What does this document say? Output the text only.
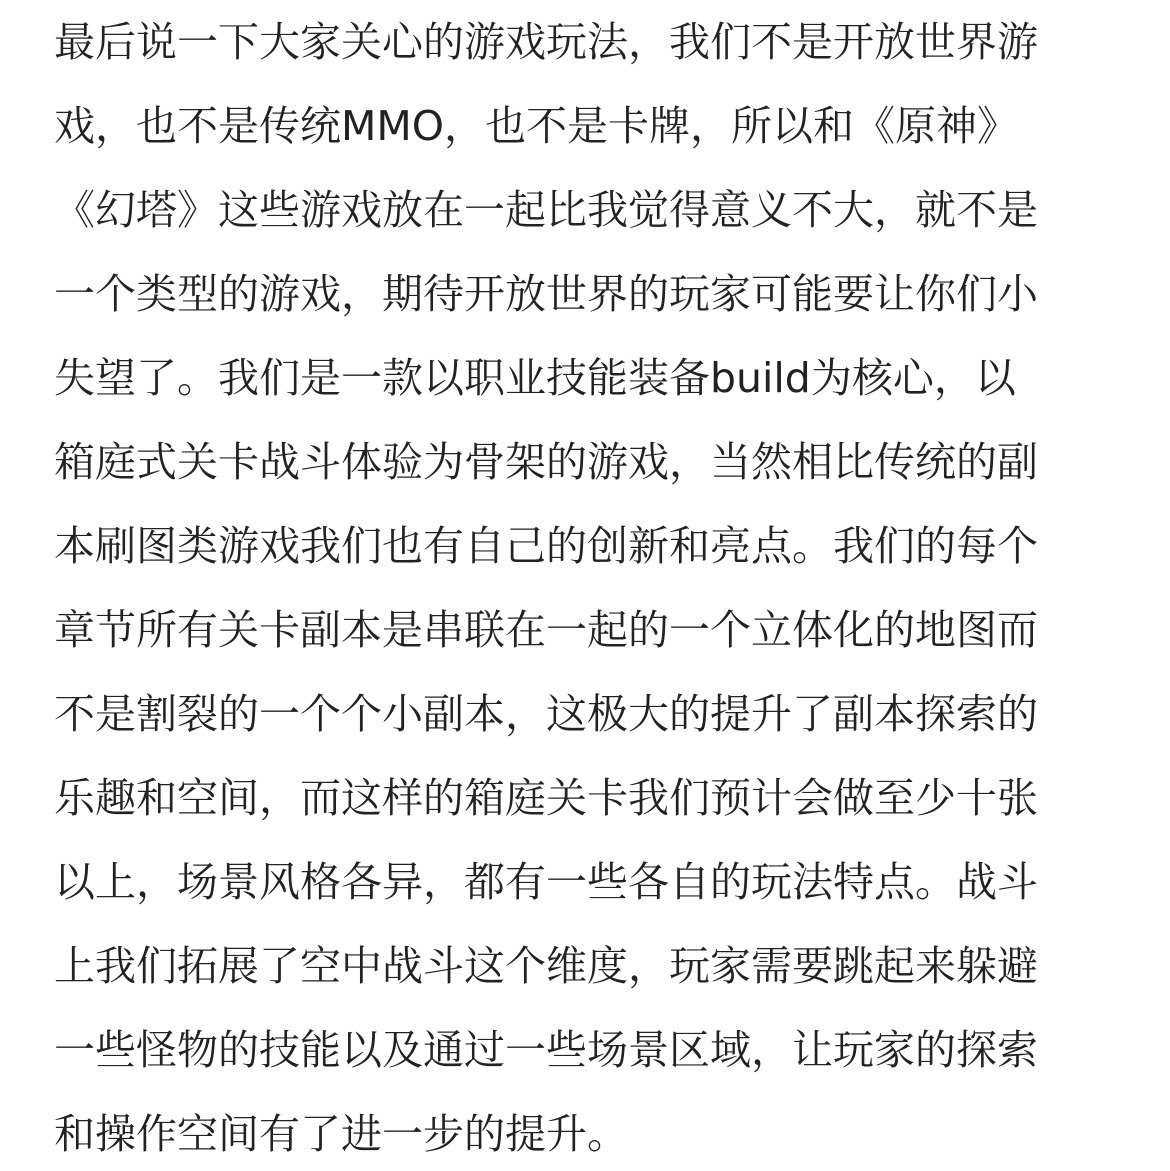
最后说一下大家关心的游戏玩法，我们不是开放世界游
戏，也不是传统MMO，也不是卡牌，所以和《原神》
《幻塔》这些游戏放在一起比我觉得意义不大，就不是
一个类型的游戏，期待开放世界的玩家可能要让你们小
失望了。我们是一款以职业技能装备build为核心，以
箱庭式关卡战斗体验为骨架的游戏，当然相比传统的副
本刷图类游戏我们也有自己的创新和亮点。我们的每个
章节所有关卡副本是串联在一起的一个立体化的地图而
不是割裂的一个个小副本，这极大的提升了副本探索的
乐趣和空间，而这样的箱庭关卡我们预计会做至少十张
以上，场景风格各异，都有一些各自的玩法特点。战斗
上我们拓展了空中战斗这个维度，玩家需要跳起来躲避
一些怪物的技能以及通过一些场景区域，让玩家的探索
和操作空间有了进一步的提升。
